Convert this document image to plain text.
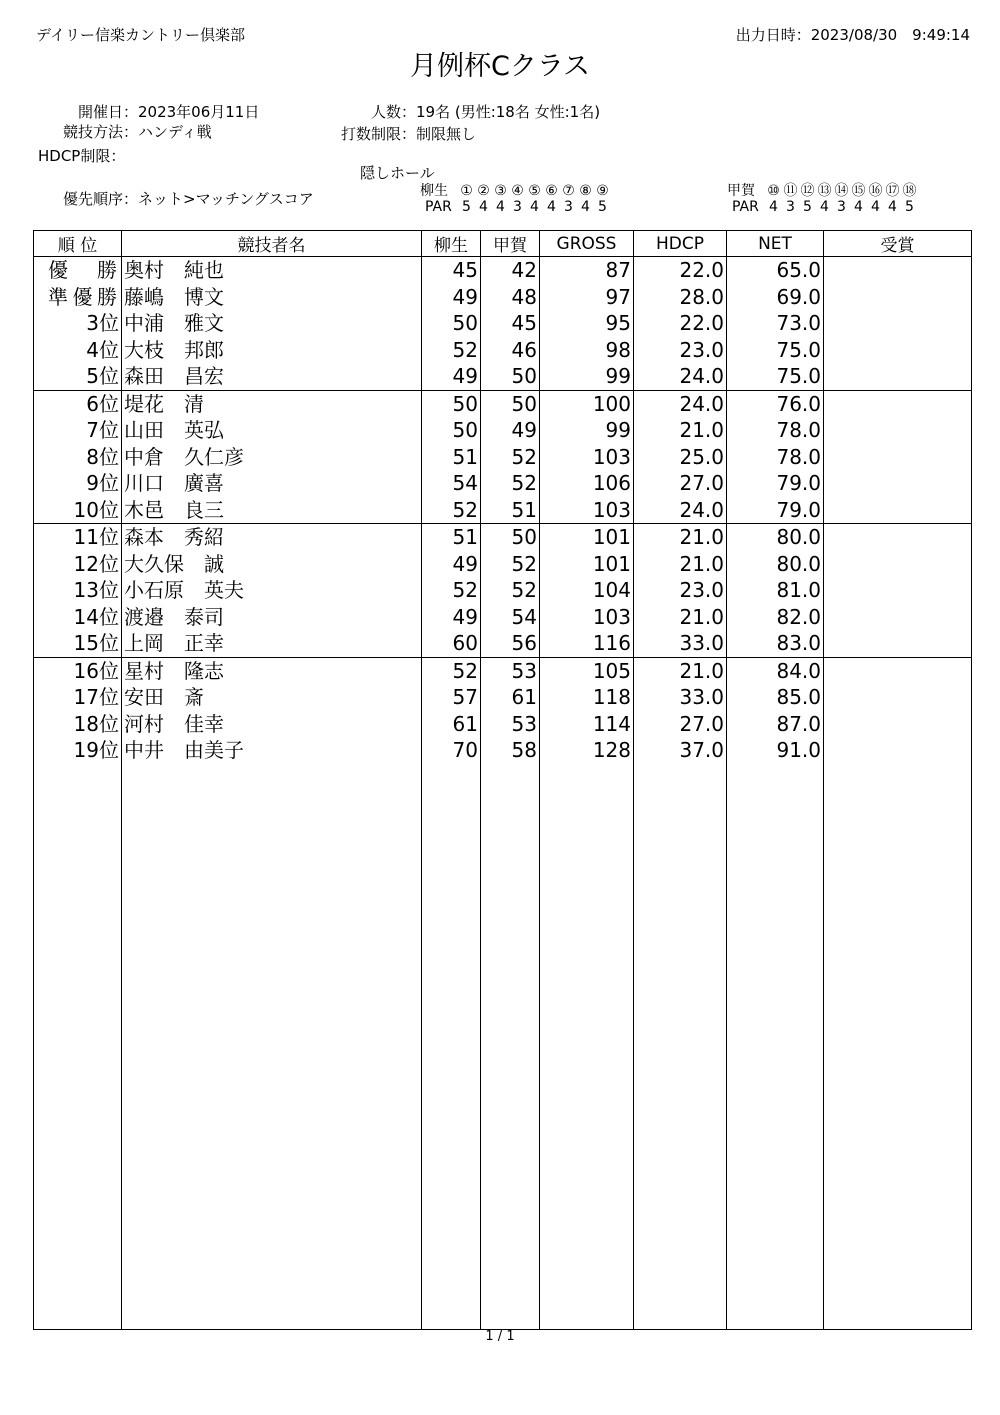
デイリー信楽カントリー倶楽部	出力日時：2023/08/30　9:49:14
月例杯Cクラス
開催日：2023年06月11日
競技方法：ハンディ戦
HDCP制限：
人数：19名 (男性:18名 女性:1名)
打数制限：制限無し
隠しホール
優先順序：ネット>マッチングスコア	柳生 ① ② ③ ④ ⑤ ⑥ ⑦ ⑧ ⑨
PAR 5 4 4 3 4 4 3 4 5
甲賀 ⑩ ⑪ ⑫ ⑬ ⑭ ⑮ ⑯ ⑰ ⑱
PAR 4 3 5 4 3 4 4 4 5
順 位	競技者名	柳生	甲賀	GROSS	HDCP	NET	受賞
優　勝	奥村　純也	45	42	87	22.0	65.0	
準優勝	藤嶋　博文	49	48	97	28.0	69.0	
3位	中浦　雅文	50	45	95	22.0	73.0	
4位	大枝　邦郎	52	46	98	23.0	75.0	
5位	森田　昌宏	49	50	99	24.0	75.0	
6位	堤花　清	50	50	100	24.0	76.0	
7位	山田　英弘	50	49	99	21.0	78.0	
8位	中倉　久仁彦	51	52	103	25.0	78.0	
9位	川口　廣喜	54	52	106	27.0	79.0	
10位	木邑　良三	52	51	103	24.0	79.0	
11位	森本　秀紹	51	50	101	21.0	80.0	
12位	大久保　誠	49	52	101	21.0	80.0	
13位	小石原　英夫	52	52	104	23.0	81.0	
14位	渡邉　泰司	49	54	103	21.0	82.0	
15位	上岡　正幸	60	56	116	33.0	83.0	
16位	星村　隆志	52	53	105	21.0	84.0	
17位	安田　斎	57	61	118	33.0	85.0	
18位	河村　佳幸	61	53	114	27.0	87.0	
19位	中井　由美子	70	58	128	37.0	91.0	

1 / 1
